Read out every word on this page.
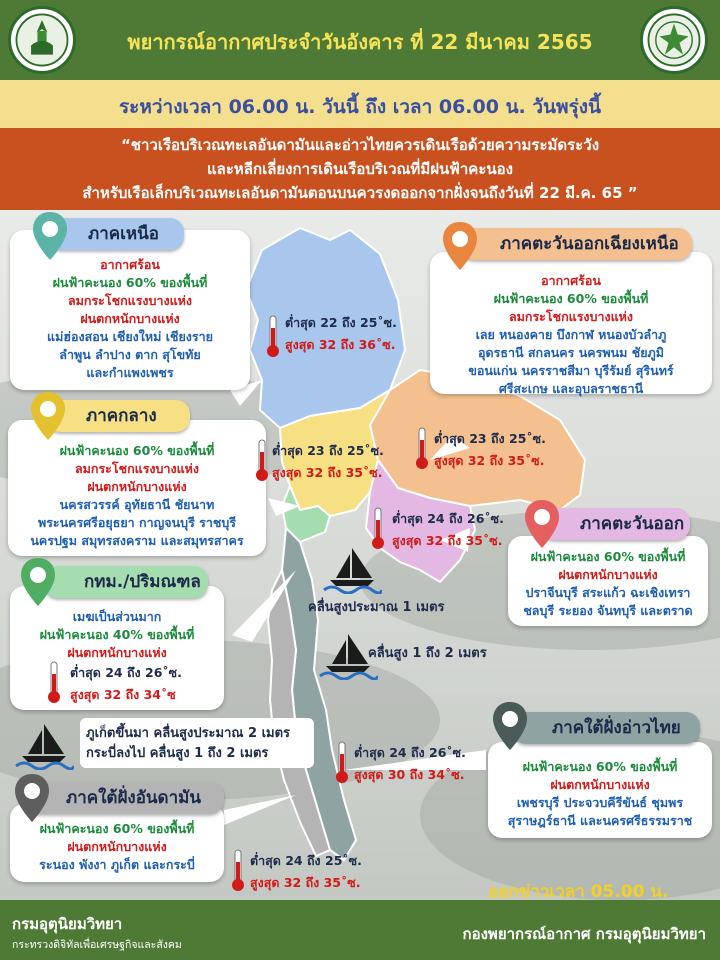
พยากรณ์อากาศประจำวันอังคาร ที่ 22 มีนาคม 2565
ระหว่างเวลา 06.00 น. วันนี้ ถึง เวลา 06.00 น. วันพรุ่งนี้
“ชาวเรือบริเวณทะเลอันดามันและอ่าวไทยควรเดินเรือด้วยความระมัดระวัง
และหลีกเลี่ยงการเดินเรือบริเวณที่มีฝนฟ้าคะนอง
สำหรับเรือเล็กบริเวณทะเลอันดามันตอนบนควรงดออกจากฝั่งจนถึงวันที่ 22 มี.ค. 65 ”
อากาศร้อน
ฝนฟ้าคะนอง 60% ของพื้นที่
ลมกระโชกแรงบางแห่ง
ฝนตกหนักบางแห่ง
แม่ฮ่องสอน เชียงใหม่ เชียงราย
ลำพูน ลำปาง ตาก สุโขทัย
และกำแพงเพชร
ภาคเหนือ
ต่ำสุด 22 ถึง 25˚ซ.
สูงสุด 32 ถึง 36˚ซ.
อากาศร้อน
ฝนฟ้าคะนอง 60% ของพื้นที่
ลมกระโชกแรงบางแห่ง
เลย หนองคาย บึงกาฬ หนองบัวลำภู
อุดรธานี สกลนคร นครพนม ชัยภูมิ
ขอนแก่น นครราชสีมา บุรีรัมย์ สุรินทร์
ศรีสะเกษ และอุบลราชธานี
ภาคตะวันออกเฉียงเหนือ
ต่ำสุด 23 ถึง 25˚ซ.
สูงสุด 32 ถึง 35˚ซ.
ฝนฟ้าคะนอง 60% ของพื้นที่
ลมกระโชกแรงบางแห่ง
ฝนตกหนักบางแห่ง
นครสวรรค์ อุทัยธานี ชัยนาท
พระนครศรีอยุธยา กาญจนบุรี ราชบุรี
นครปฐม สมุทรสงคราม และสมุทรสาคร
ภาคกลาง
ต่ำสุด 23 ถึง 25˚ซ.
สูงสุด 32 ถึง 35˚ซ.
ฝนฟ้าคะนอง 60% ของพื้นที่
ฝนตกหนักบางแห่ง
ปราจีนบุรี สระแก้ว ฉะเชิงเทรา
ชลบุรี ระยอง จันทบุรี และตราด
ภาคตะวันออก
ต่ำสุด 24 ถึง 26˚ซ.
สูงสุด 32 ถึง 35˚ซ.
เมฆเป็นส่วนมาก
ฝนฟ้าคะนอง 40% ของพื้นที่
ฝนตกหนักบางแห่ง
กทม./ปริมณฑล
ต่ำสุด 24 ถึง 26˚ซ.
สูงสุด 32 ถึง 34˚ซ
คลื่นสูงประมาณ 1 เมตร
คลื่นสูง 1 ถึง 2 เมตร
ภูเก็ตขึ้นมา คลื่นสูงประมาณ 2 เมตร
กระบี่ลงไป คลื่นสูง 1 ถึง 2 เมตร
ฝนฟ้าคะนอง 60% ของพื้นที่
ฝนตกหนักบางแห่ง
เพชรบุรี ประจวบคีรีขันธ์ ชุมพร
สุราษฎร์ธานี และนครศรีธรรมราช
ภาคใต้ฝั่งอ่าวไทย
ต่ำสุด 24 ถึง 26˚ซ.
สูงสุด 30 ถึง 34˚ซ.
ฝนฟ้าคะนอง 60% ของพื้นที่
ฝนตกหนักบางแห่ง
ระนอง พังงา ภูเก็ต และกระบี่
ภาคใต้ฝั่งอันดามัน
ต่ำสุด 24 ถึง 25˚ซ.
สูงสุด 32 ถึง 35˚ซ.	ออกข่าวเวลา 05.00 น.
กรมอุตุนิยมวิทยา
กระทรวงดิจิทัลเพื่อเศรษฐกิจและสังคม
กองพยากรณ์อากาศ กรมอุตุนิยมวิทยา
